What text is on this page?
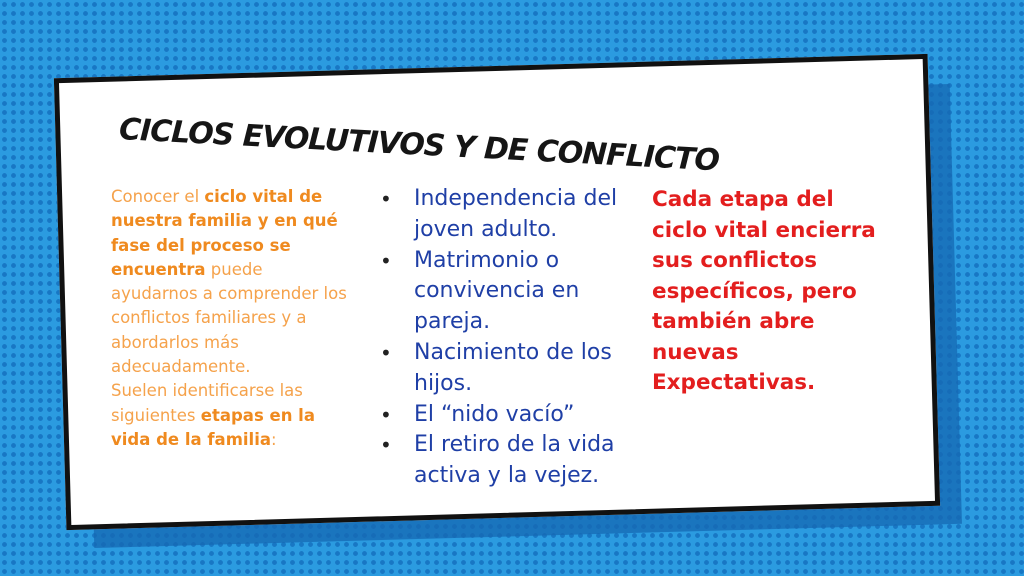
CICLOS EVOLUTIVOS Y DE CONFLICTO
Conocer el ciclo vital de nuestra familia y en qué fase del proceso se encuentra puede ayudarnos a comprender los conflictos familiares y a abordarlos más adecuadamente.
Suelen identificarse las siguientes etapas en la vida de la familia:
• Independencia del joven adulto.
• Matrimonio o convivencia en pareja.
• Nacimiento de los hijos.
• El “nido vacío”
• El retiro de la vida activa y la vejez.
Cada etapa del ciclo vital encierra sus conflictos específicos, pero también abre nuevas Expectativas.
